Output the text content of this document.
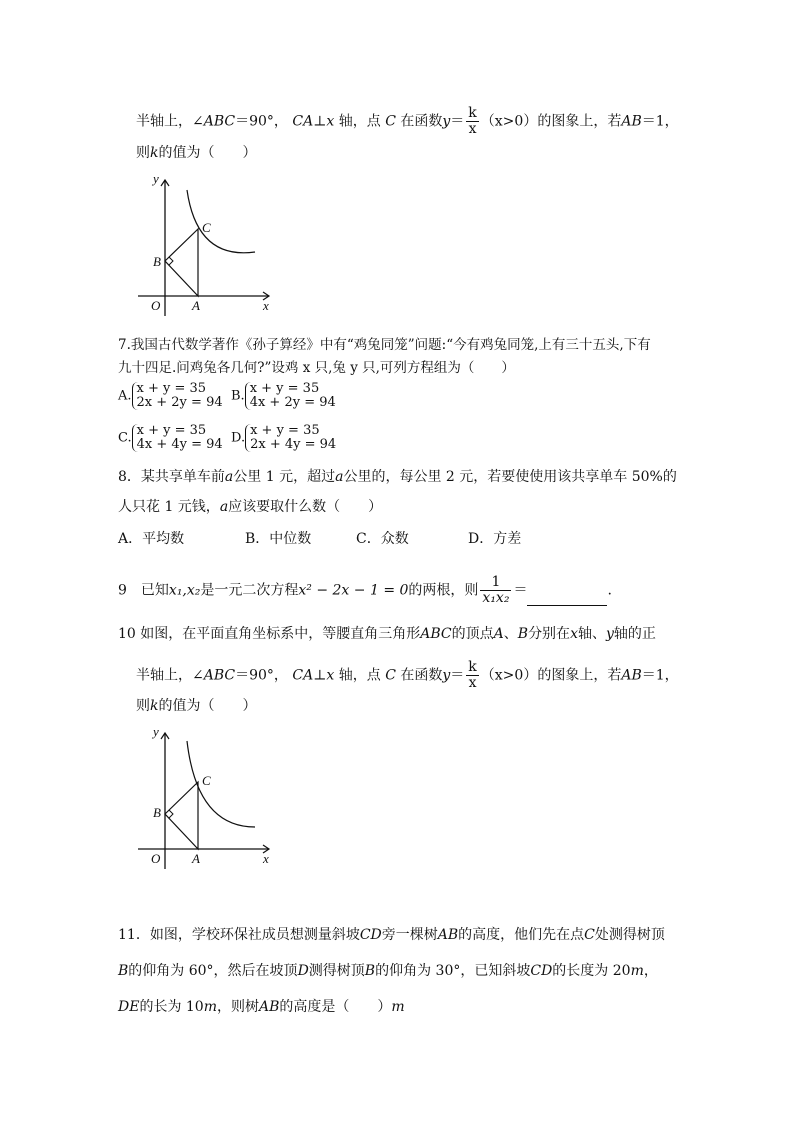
半轴上，∠ABC＝90°， CA⊥x 轴，点 C 在函数$y= \frac{k}{x} (x>0)$的图象上，若AB＝1，
则k的值为（　　）
y
x
O A
B
C
7.我国古代数学著作《孙子算经》中有“鸡兔同笼”问题:“今有鸡兔同笼,上有三十五头,下有
九十四足.问鸡兔各几何?”设鸡 x 只,兔 y 只,可列方程组为（　　）
A. x + y = 35
2x + 2y = 94 B. x + y = 35
4x + 2y = 94
C. x + y = 35
4x + 4y = 94 D. x + y = 35
2x + 4y = 94
8．某共享单车前a公里 1 元，超过a公里的，每公里 2 元，若要使使用该共享单车 50%的
人只花 1 元钱，a应该要取什么数（　　）
A．平均数	B．中位数	C．众数	D．方差
9　已知x₁,x₂是一元二次方程x² − 2x − 1 = 0的两根，则 $\frac{1}{\text{x₁x₂}}$ ＝	.
10 如图，在平面直角坐标系中，等腰直角三角形ABC的顶点A、B分别在x轴、y轴的正
半轴上，∠ABC＝90°， CA⊥x 轴，点 C 在函数$y= \frac{k}{x} (x>0)$的图象上，若AB＝1，
则k的值为（　　）
y
x
O A
B
C
11．如图，学校环保社成员想测量斜坡CD旁一棵树AB的高度，他们先在点C处测得树顶
B的仰角为 60°，然后在坡顶D测得树顶B的仰角为 30°，已知斜坡CD的长度为 20m，
DE的长为 10m，则树AB的高度是（　　）m
